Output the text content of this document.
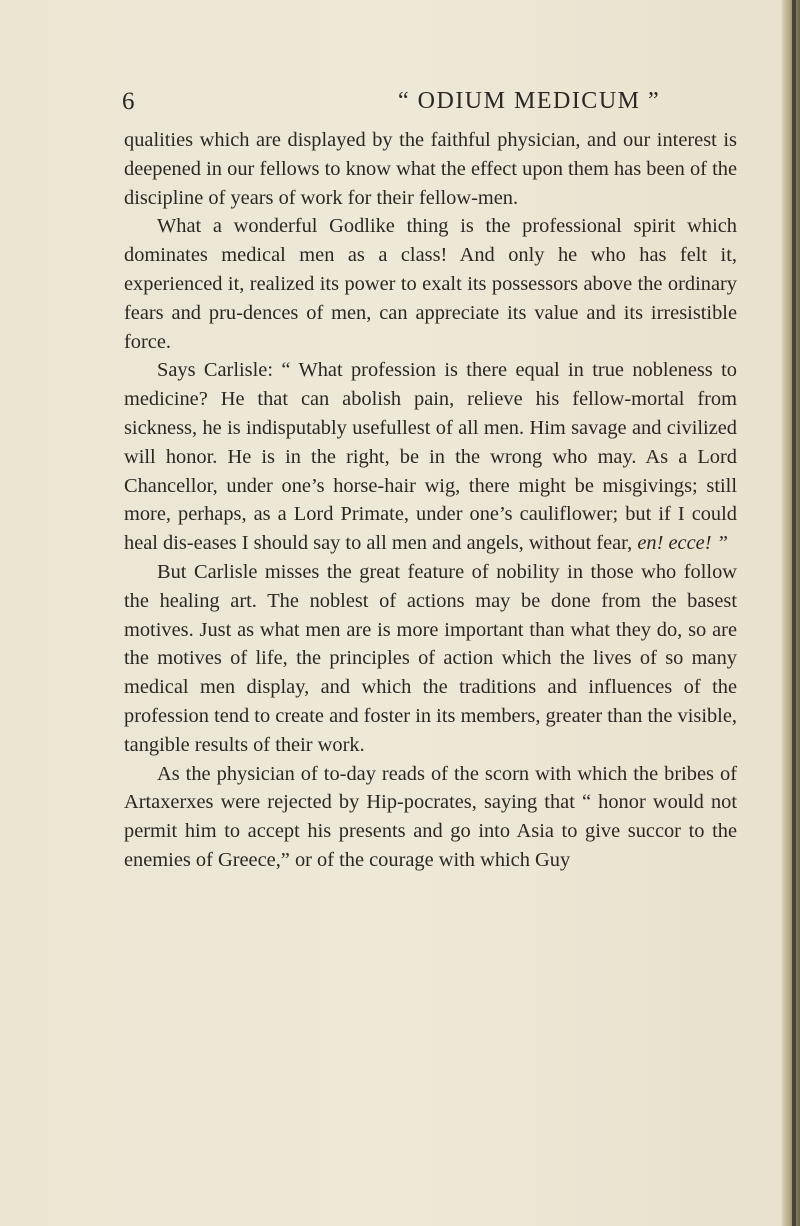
6	“ ODIUM MEDICUM ”

qualities which are displayed by the faithful physician, and our interest is deepened in our fellows to know what the effect upon them has been of the discipline of years of work for their fellow-men.

What a wonderful Godlike thing is the professional spirit which dominates medical men as a class! And only he who has felt it, experienced it, realized its power to exalt its possessors above the ordinary fears and pru-dences of men, can appreciate its value and its irresistible force.

Says Carlisle: “ What profession is there equal in true nobleness to medicine? He that can abolish pain, relieve his fellow-mortal from sickness, he is indisputably usefullest of all men. Him savage and civilized will honor. He is in the right, be in the wrong who may. As a Lord Chancellor, under one’s horse-hair wig, there might be misgivings; still more, perhaps, as a Lord Primate, under one’s cauliflower; but if I could heal dis-eases I should say to all men and angels, without fear, en! ecce! ”

But Carlisle misses the great feature of nobility in those who follow the healing art. The noblest of actions may be done from the basest motives. Just as what men are is more important than what they do, so are the motives of life, the principles of action which the lives of so many medical men display, and which the traditions and influences of the profession tend to create and foster in its members, greater than the visible, tangible results of their work.

As the physician of to-day reads of the scorn with which the bribes of Artaxerxes were rejected by Hip-pocrates, saying that “ honor would not permit him to accept his presents and go into Asia to give succor to the enemies of Greece,” or of the courage with which Guy
